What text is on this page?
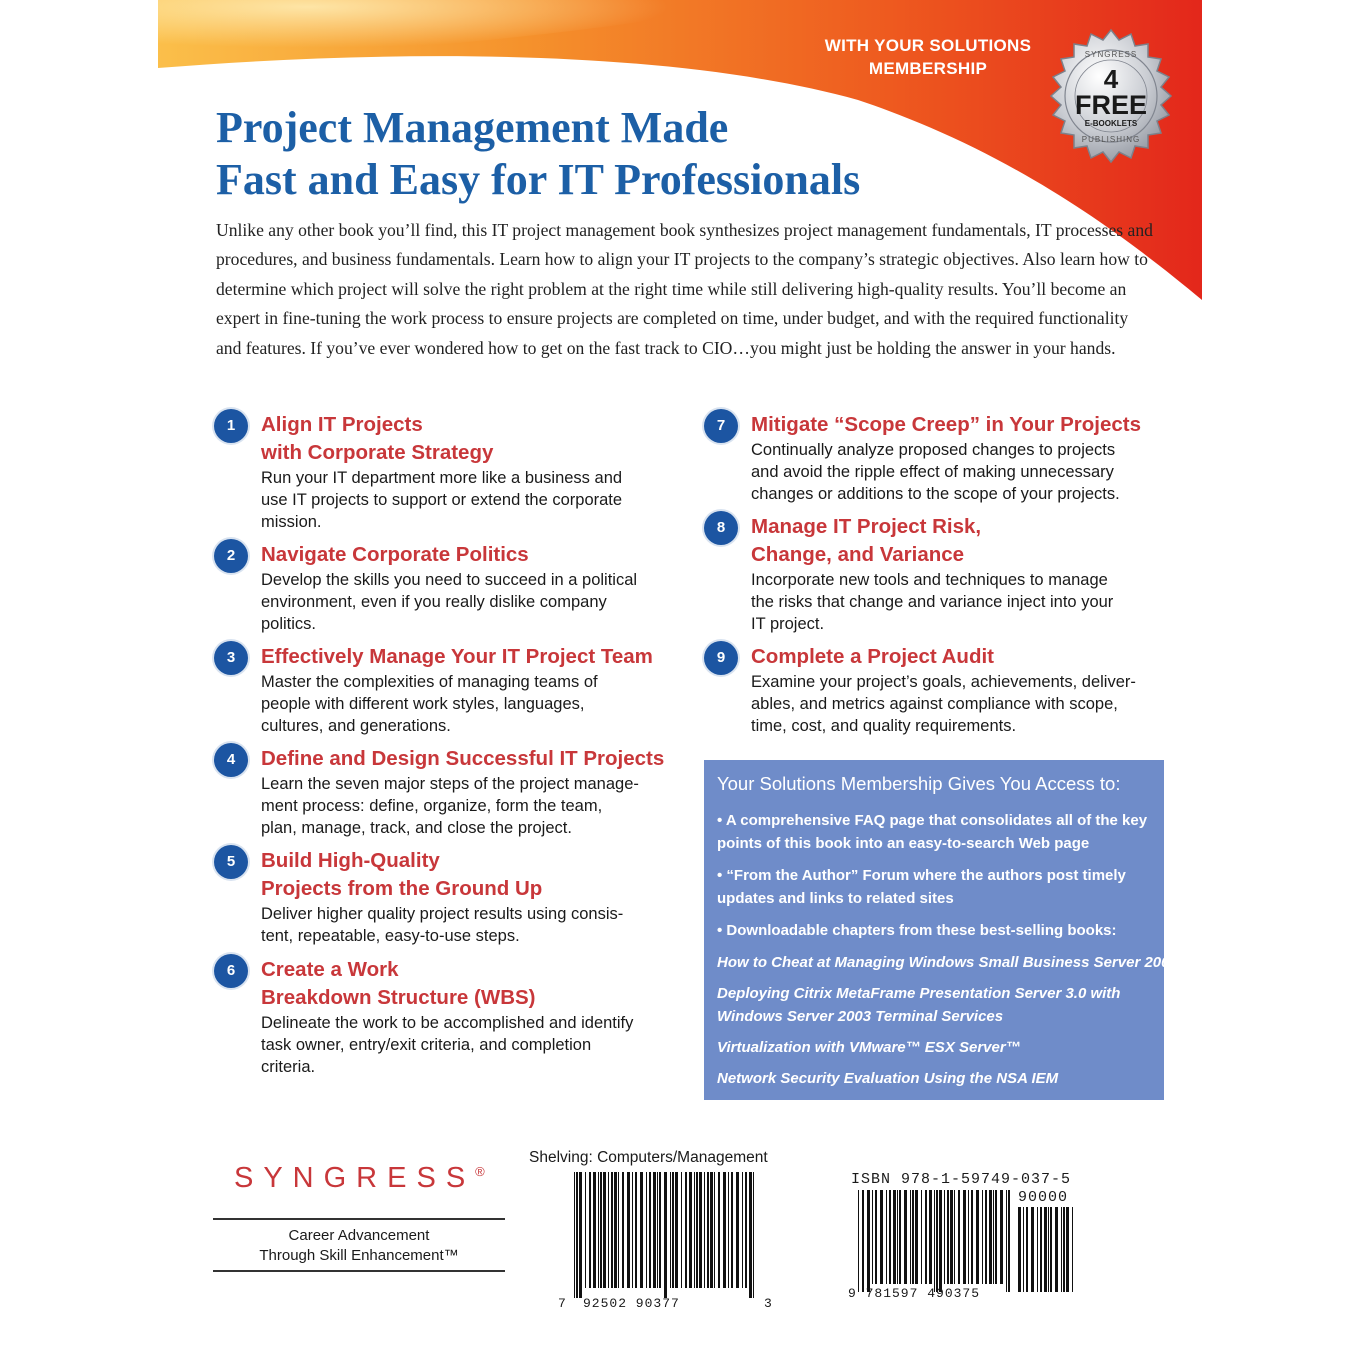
WITH YOUR SOLUTIONS
MEMBERSHIP
SYNGRESS
PUBLISHING
4
FREE
E-BOOKLETS
Project Management Made
Fast and Easy for IT Professionals

Unlike any other book you’ll find, this IT project management book synthesizes project management fundamentals, IT processes and procedures, and business fundamentals. Learn how to align your IT projects to the company’s strategic objectives. Also learn how to determine which project will solve the right problem at the right time while still delivering high-quality results. You’ll become an expert in fine-tuning the work process to ensure projects are completed on time, under budget, and with the required functionality and features. If you’ve ever wondered how to get on the fast track to CIO…you might just be holding the answer in your hands.

1	Align IT Projects
with Corporate Strategy

Run your IT department more like a business and
use IT projects to support or extend the corporate
mission.

2	Navigate Corporate Politics

Develop the skills you need to succeed in a political
environment, even if you really dislike company
politics.

3	Effectively Manage Your IT Project Team

Master the complexities of managing teams of
people with different work styles, languages,
cultures, and generations.

4	Define and Design Successful IT Projects

Learn the seven major steps of the project manage-
ment process: define, organize, form the team,
plan, manage, track, and close the project.

5	Build High-Quality
Projects from the Ground Up

Deliver higher quality project results using consis-
tent, repeatable, easy-to-use steps.

6	Create a Work
Breakdown Structure (WBS)

Delineate the work to be accomplished and identify
task owner, entry/exit criteria, and completion
criteria.

7	Mitigate “Scope Creep” in Your Projects

Continually analyze proposed changes to projects
and avoid the ripple effect of making unnecessary
changes or additions to the scope of your projects.

8	Manage IT Project Risk,
Change, and Variance

Incorporate new tools and techniques to manage
the risks that change and variance inject into your
IT project.

9	Complete a Project Audit

Examine your project’s goals, achievements, deliver-
ables, and metrics against compliance with scope,
time, cost, and quality requirements.

Your Solutions Membership Gives You Access to:
• A comprehensive FAQ page that consolidates all of the key
points of this book into an easy-to-search Web page
• “From the Author” Forum where the authors post timely
updates and links to related sites
• Downloadable chapters from these best-selling books:
How to Cheat at Managing Windows Small Business Server 2003
Deploying Citrix MetaFrame Presentation Server 3.0 with
Windows Server 2003 Terminal Services
Virtualization with VMware™ ESX Server™
Network Security Evaluation Using the NSA IEM
SYNGRESS®
Career Advancement
Through Skill Enhancement™
Shelving: Computers/Management
7 92502 90377	3
ISBN 978-1-59749-037-5
90000
9 781597 490375
